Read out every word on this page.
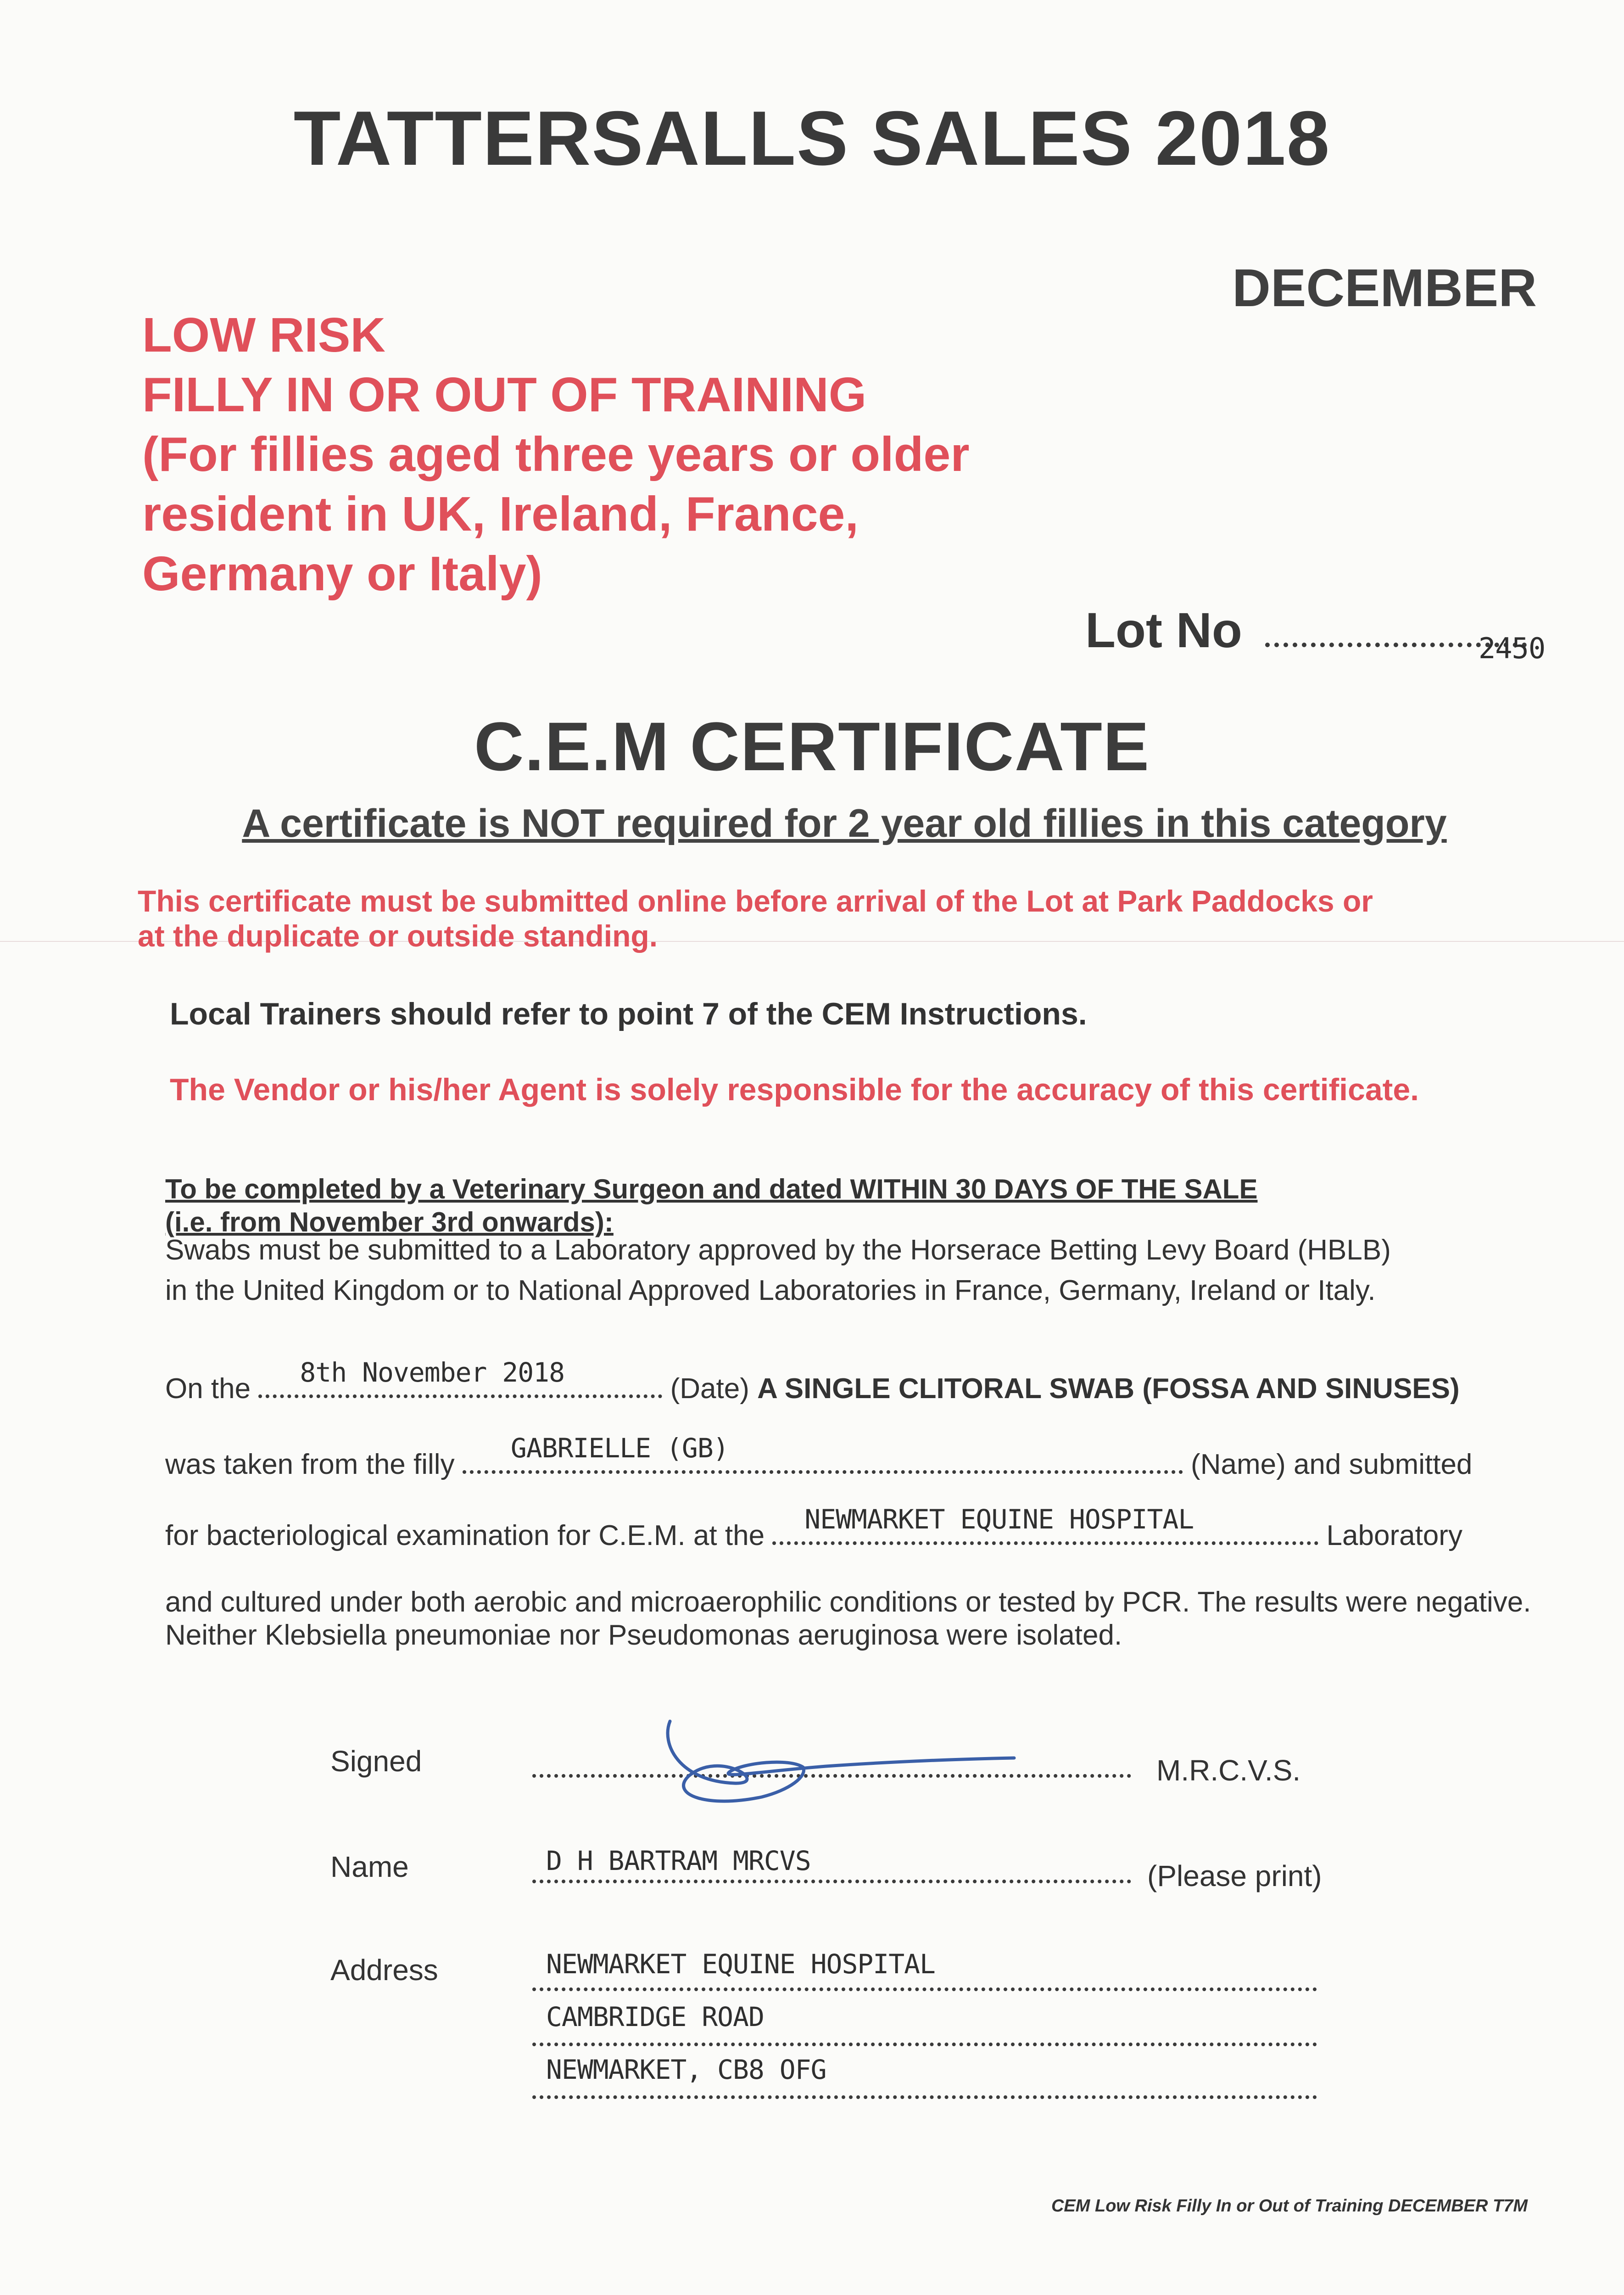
TATTERSALLS SALES 2018
DECEMBER
LOW RISK
FILLY IN OR OUT OF TRAINING
(For fillies aged three years or older
resident in UK, Ireland, France,
Germany or Italy)
Lot No	2450
C.E.M CERTIFICATE
A certificate is NOT required for 2 year old fillies in this category
This certificate must be submitted online before arrival of the Lot at Park Paddocks or
at the duplicate or outside standing.
Local Trainers should refer to point 7 of the CEM Instructions.
The Vendor or his/her Agent is solely responsible for the accuracy of this certificate.
To be completed by a Veterinary Surgeon and dated WITHIN 30 DAYS OF THE SALE
(i.e. from November 3rd onwards):
Swabs must be submitted to a Laboratory approved by the Horserace Betting Levy Board (HBLB)
in the United Kingdom or to National Approved Laboratories in France, Germany, Ireland or Italy.
On the
8th November 2018
(Date) A SINGLE CLITORAL SWAB (FOSSA AND SINUSES)
was taken from the filly
GABRIELLE (GB)
(Name) and submitted
for bacteriological examination for C.E.M. at the
NEWMARKET EQUINE HOSPITAL
Laboratory
and cultured under both aerobic and microaerophilic conditions or tested by PCR. The results were negative. Neither Klebsiella pneumoniae nor Pseudomonas aeruginosa were isolated.
Signed	M.R.C.V.S.
Name	D H BARTRAM MRCVS	(Please print)
Address	NEWMARKET EQUINE HOSPITAL
CAMBRIDGE ROAD
NEWMARKET, CB8 OFG
CEM Low Risk Filly In or Out of Training DECEMBER T7M
